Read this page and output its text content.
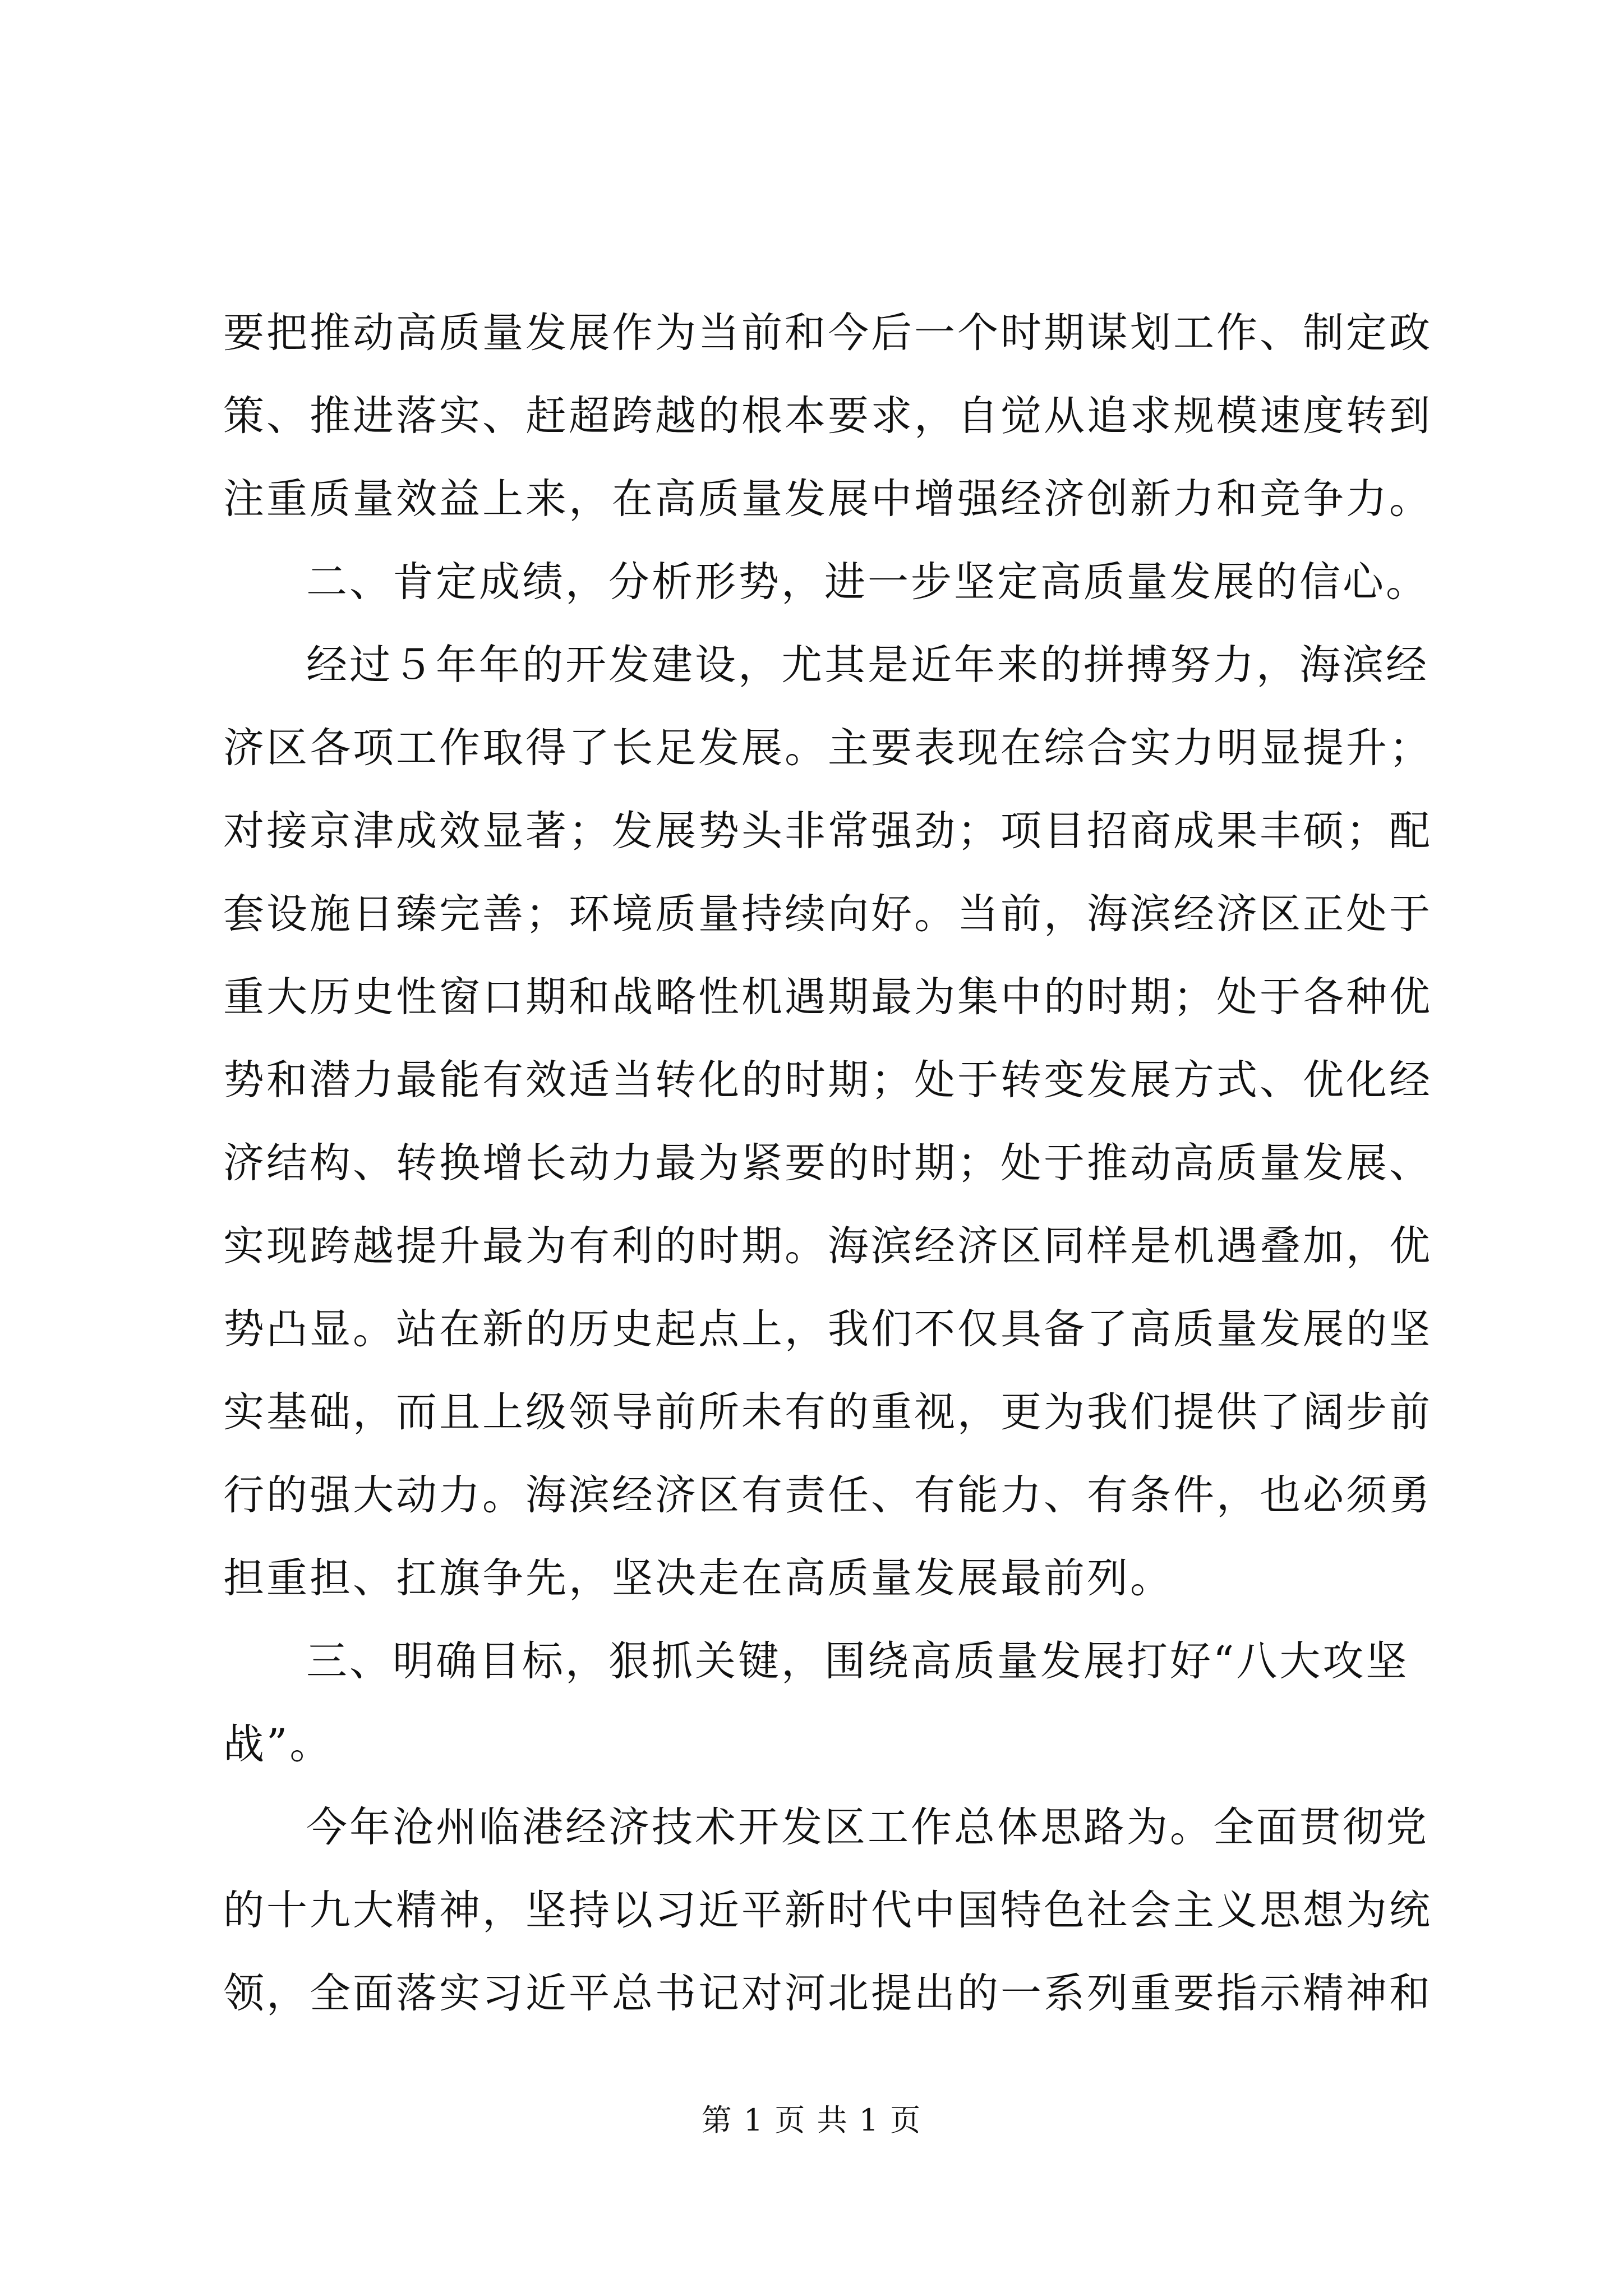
要把推动高质量发展作为当前和今后一个时期谋划工作、制定政
策、推进落实、赶超跨越的根本要求，自觉从追求规模速度转到
注重质量效益上来，在高质量发展中增强经济创新力和竞争力。

二、肯定成绩，分析形势，进一步坚定高质量发展的信心。

经过５年年的开发建设，尤其是近年来的拼搏努力，海滨经
济区各项工作取得了长足发展。主要表现在综合实力明显提升；
对接京津成效显著；发展势头非常强劲；项目招商成果丰硕；配
套设施日臻完善；环境质量持续向好。当前，海滨经济区正处于
重大历史性窗口期和战略性机遇期最为集中的时期；处于各种优
势和潜力最能有效适当转化的时期；处于转变发展方式、优化经
济结构、转换增长动力最为紧要的时期；处于推动高质量发展、
实现跨越提升最为有利的时期。海滨经济区同样是机遇叠加，优
势凸显。站在新的历史起点上，我们不仅具备了高质量发展的坚
实基础，而且上级领导前所未有的重视，更为我们提供了阔步前
行的强大动力。海滨经济区有责任、有能力、有条件，也必须勇
担重担、扛旗争先，坚决走在高质量发展最前列。

三、明确目标，狠抓关键，围绕高质量发展打好“八大攻坚
战”。

今年沧州临港经济技术开发区工作总体思路为。全面贯彻党
的十九大精神，坚持以习近平新时代中国特色社会主义思想为统
领，全面落实习近平总书记对河北提出的一系列重要指示精神和

第 1 页 共 1 页
